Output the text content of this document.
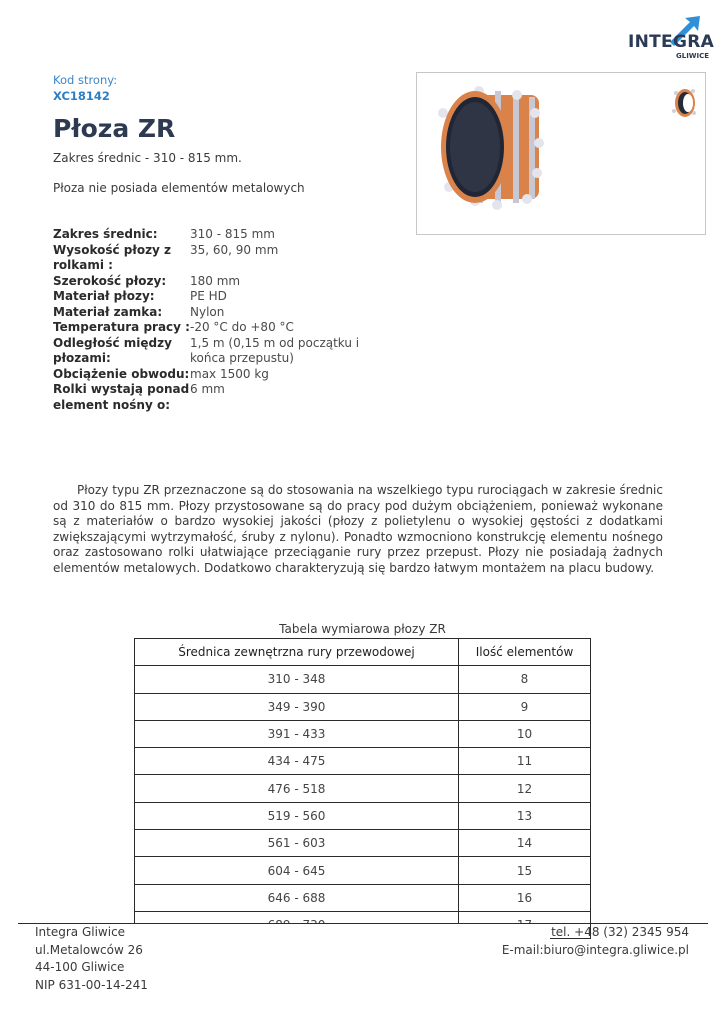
INTEGRA
GLIWICE
Kod strony:
XC18142
Płoza ZR
Zakres średnic - 310 - 815 mm.
Płoza nie posiada elementów metalowych
Zakres średnic:	310 - 815 mm
Wysokość płozy z rolkami :	35, 60, 90 mm
Szerokość płozy:	180 mm
Materiał płozy:	PE HD
Materiał zamka:	Nylon
Temperatura pracy :	-20 °C do +80 °C
Odległość między płozami:	1,5 m (0,15 m od początku i końca przepustu)
Obciążenie obwodu:	max 1500 kg
Rolki wystają ponad element nośny o:	6 mm

Płozy typu ZR przeznaczone są do stosowania na wszelkiego typu rurociągach w zakresie średnic od 310 do 815 mm. Płozy przystosowane są do pracy pod dużym obciążeniem, ponieważ wykonane są z materiałów o bardzo wysokiej jakości (płozy z polietylenu o wysokiej gęstości z dodatkami zwiększającymi wytrzymałość, śruby z nylonu). Ponadto wzmocniono konstrukcję elementu nośnego oraz zastosowano rolki ułatwiające przeciąganie rury przez przepust. Płozy nie posiadają żadnych elementów metalowych. Dodatkowo charakteryzują się bardzo łatwym montażem na placu budowy.

Tabela wymiarowa płozy ZR
Średnica zewnętrzna rury przewodowej	Ilość elementów
310 - 348	8
349 - 390	9
391 - 433	10
434 - 475	11
476 - 518	12
519 - 560	13
561 - 603	14
604 - 645	15
646 - 688	16

Integra Gliwice
ul.Metalowców 26
44-100 Gliwice
NIP 631-00-14-241
tel. +48 (32) 2345 954
E-mail:biuro@integra.gliwice.pl
